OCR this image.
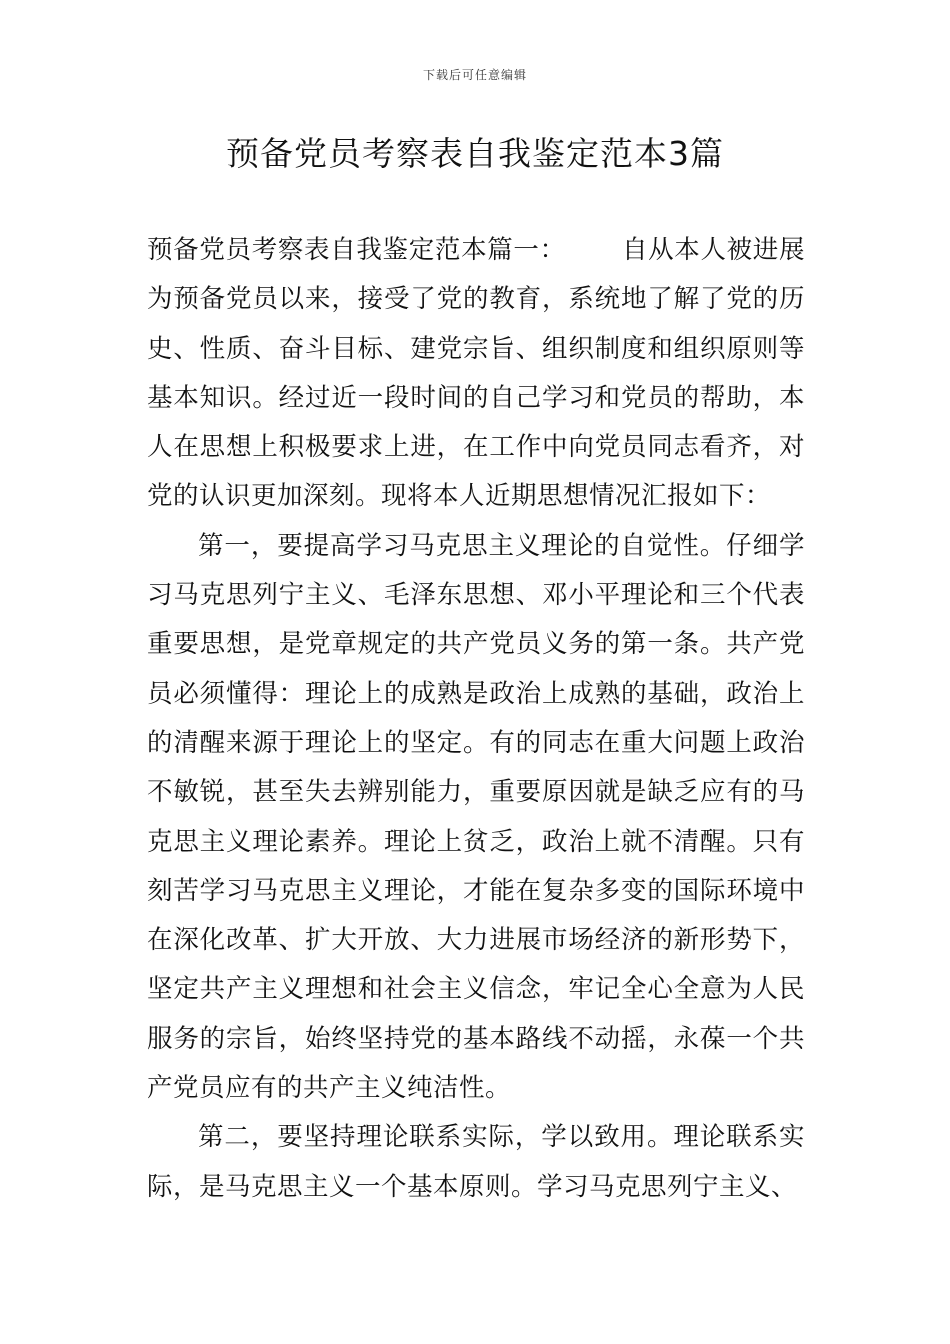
下载后可任意编辑
预备党员考察表自我鉴定范本3篇

预备党员考察表自我鉴定范本篇一： 自从本人被进展为预备党员以来，接受了党的教育，系统地了解了党的历史、性质、奋斗目标、建党宗旨、组织制度和组织原则等基本知识。经过近一段时间的自己学习和党员的帮助，本人在思想上积极要求上进，在工作中向党员同志看齐，对党的认识更加深刻。现将本人近期思想情况汇报如下：

第一，要提高学习马克思主义理论的自觉性。仔细学习马克思列宁主义、毛泽东思想、邓小平理论和三个代表重要思想，是党章规定的共产党员义务的第一条。共产党员必须懂得：理论上的成熟是政治上成熟的基础，政治上的清醒来源于理论上的坚定。有的同志在重大问题上政治不敏锐，甚至失去辨别能力，重要原因就是缺乏应有的马克思主义理论素养。理论上贫乏，政治上就不清醒。只有刻苦学习马克思主义理论，才能在复杂多变的国际环境中在深化改革、扩大开放、大力进展市场经济的新形势下，坚定共产主义理想和社会主义信念，牢记全心全意为人民服务的宗旨，始终坚持党的基本路线不动摇，永葆一个共产党员应有的共产主义纯洁性。

第二，要坚持理论联系实际，学以致用。理论联系实际，是马克思主义一个基本原则。学习马克思列宁主义、
